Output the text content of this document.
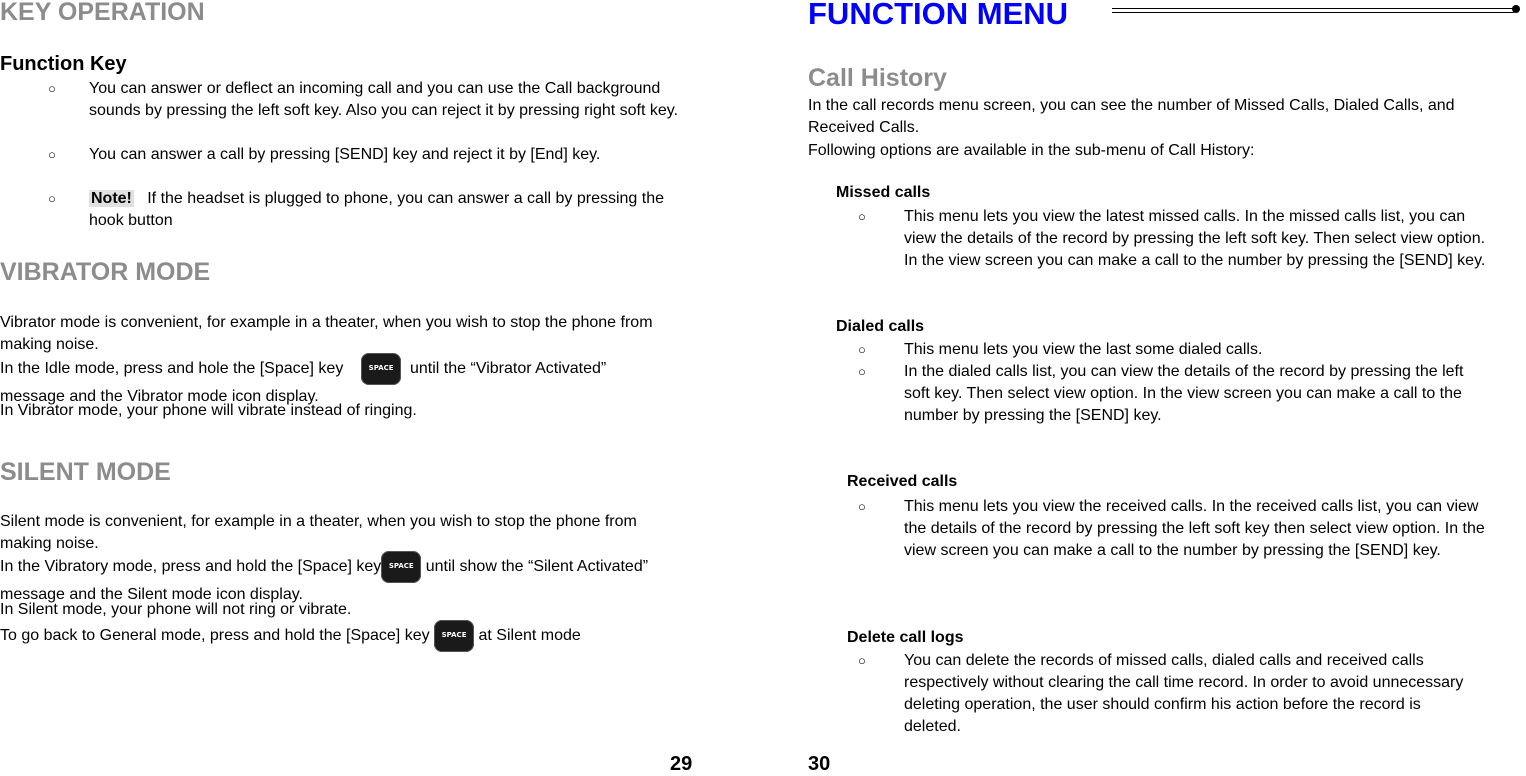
KEY OPERATION
Function Key
○ You can answer or deflect an incoming call and you can use the Call background sounds by pressing the left soft key. Also you can reject it by pressing right soft key.
○ You can answer a call by pressing [SEND] key and reject it by [End] key.
○ Note! If the headset is plugged to phone, you can answer a call by pressing the hook button
VIBRATOR MODE
Vibrator mode is convenient, for example in a theater, when you wish to stop the phone from making noise.
In the Idle mode, press and hole the [Space] key	SPACE	until the “Vibrator Activated” message and the Vibrator mode icon display.
In Vibrator mode, your phone will vibrate instead of ringing.
SILENT MODE
Silent mode is convenient, for example in a theater, when you wish to stop the phone from making noise.
In the Vibratory mode, press and hold the [Space] key	SPACE until show the “Silent Activated” message and the Silent mode icon display.
In Silent mode, your phone will not ring or vibrate.
To go back to General mode, press and hold the [Space] key	SPACE at Silent mode
29
FUNCTION MENU
Call History
In the call records menu screen, you can see the number of Missed Calls, Dialed Calls, and Received Calls.
Following options are available in the sub-menu of Call History:
Missed calls
○ This menu lets you view the latest missed calls. In the missed calls list, you can view the details of the record by pressing the left soft key. Then select view option. In the view screen you can make a call to the number by pressing the [SEND] key.
Dialed calls
○ This menu lets you view the last some dialed calls.
○ In the dialed calls list, you can view the details of the record by pressing the left soft key. Then select view option. In the view screen you can make a call to the number by pressing the [SEND] key.
Received calls
○ This menu lets you view the received calls. In the received calls list, you can view the details of the record by pressing the left soft key then select view option. In the view screen you can make a call to the number by pressing the [SEND] key.
Delete call logs
○ You can delete the records of missed calls, dialed calls and received calls respectively without clearing the call time record. In order to avoid unnecessary deleting operation, the user should confirm his action before the record is deleted.
30
